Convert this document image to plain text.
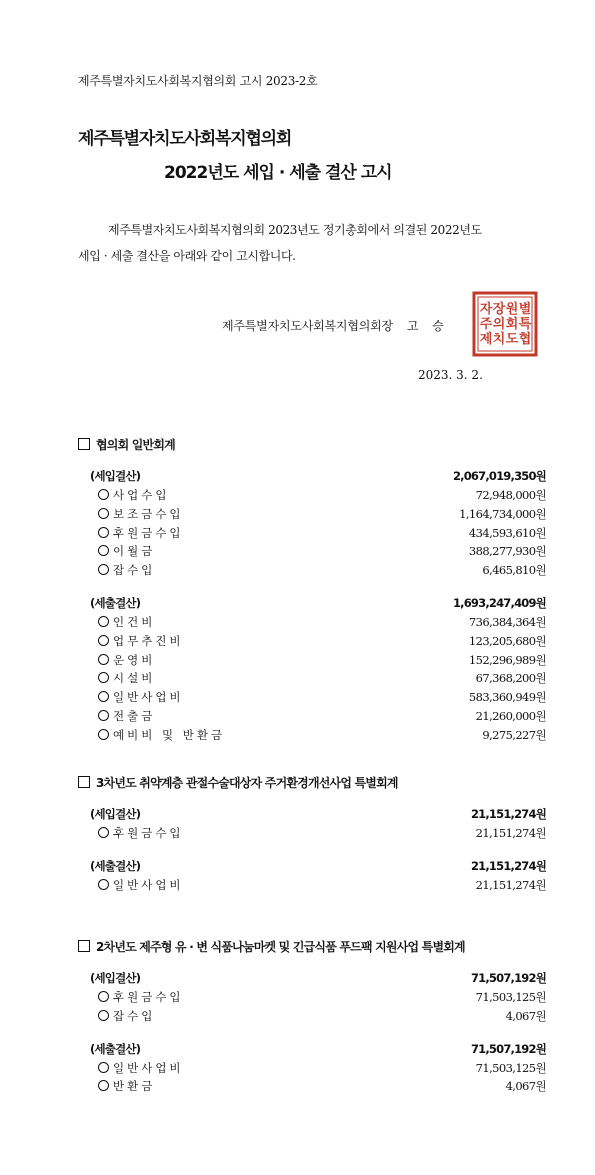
제주특별자치도사회복지협의회 고시 2023-2호
제주특별자치도사회복지협의회
2022년도 세입 · 세출 결산 고시
제주특별자치도사회복지협의회 2023년도 정기총회에서 의결된 2022년도
세입 · 세출 결산을 아래와 같이 고시합니다.
제주특별자치도사회복지협의회장 고 승
별
특
협
원
회
도
장
의
치
자
주
제
2023. 3. 2.
협의회 일반회계
(세입결산)	2,067,019,350원
사업수입	72,948,000원
보조금수입	1,164,734,000원
후원금수입	434,593,610원
이월금	388,277,930원
잡수입	6,465,810원
(세출결산)	1,693,247,409원
인건비	736,384,364원
업무추진비	123,205,680원
운영비	152,296,989원
시설비	67,368,200원
일반사업비	583,360,949원
전출금	21,260,000원
예비비 및 반환금	9,275,227원
3차년도 취약계층 관절수술대상자 주거환경개선사업 특별회계
(세입결산)	21,151,274원
후원금수입	21,151,274원
(세출결산)	21,151,274원
일반사업비	21,151,274원
2차년도 제주형 유 · 변 식품나눔마켓 및 긴급식품 푸드팩 지원사업 특별회계
(세입결산)	71,507,192원
후원금수입	71,503,125원
잡수입	4,067원
(세출결산)	71,507,192원
일반사업비	71,503,125원
반환금	4,067원
